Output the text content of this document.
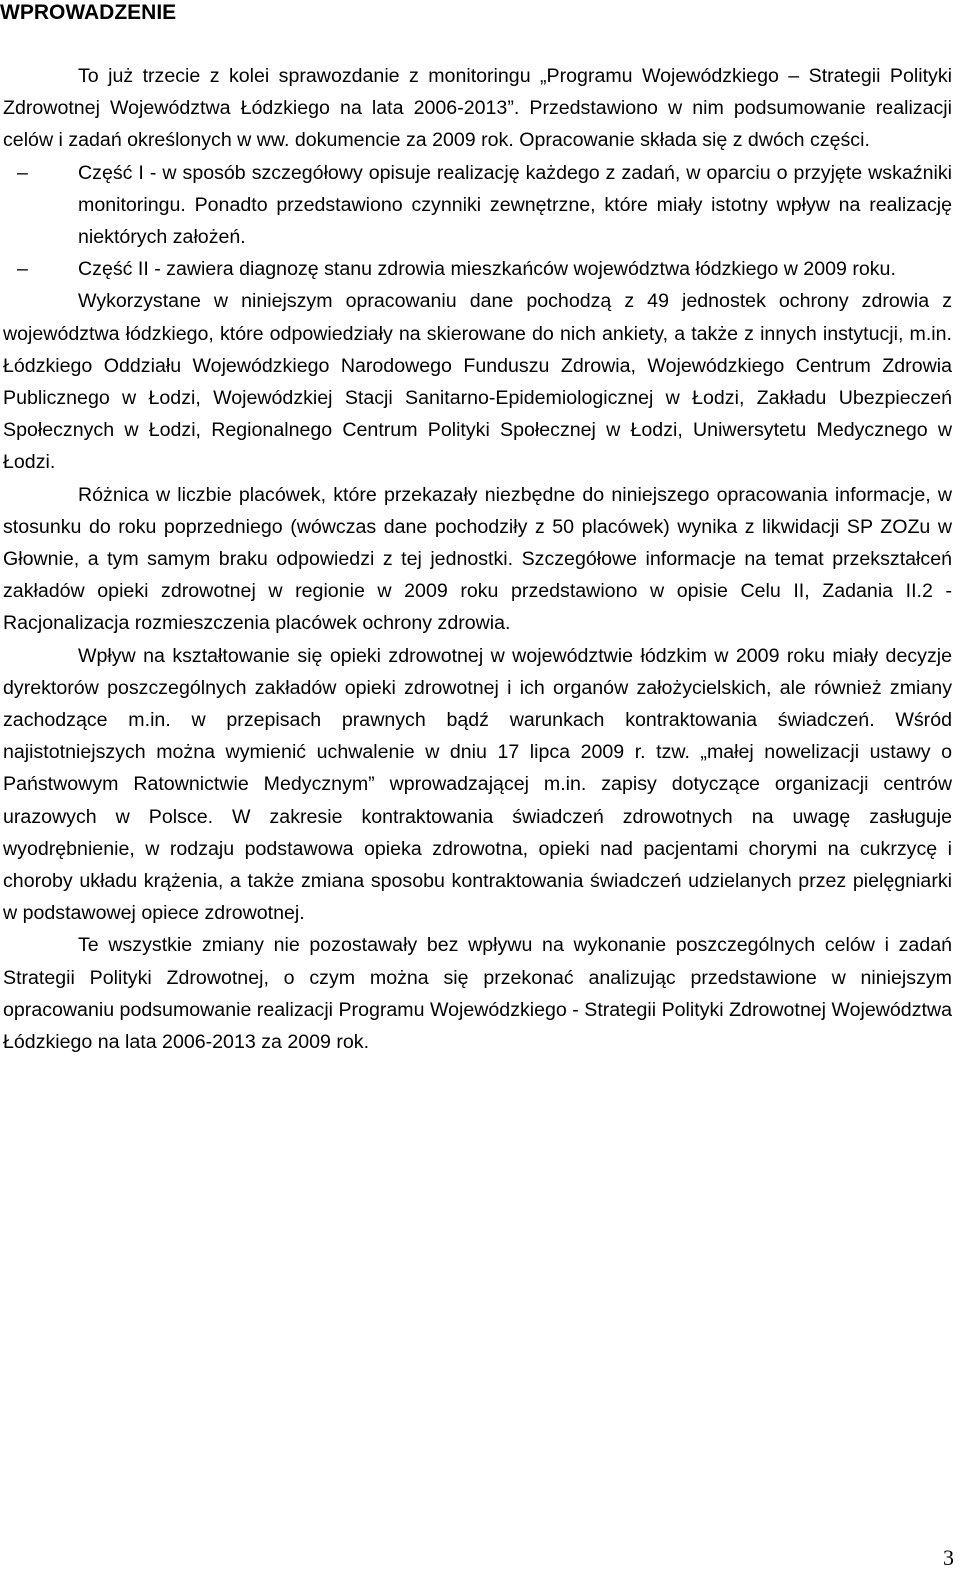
WPROWADZENIE

To już trzecie z kolei sprawozdanie z monitoringu „Programu Wojewódzkiego – Strategii Polityki Zdrowotnej Województwa Łódzkiego na lata 2006-2013”. Przedstawiono w nim podsumowanie realizacji celów i zadań określonych w ww. dokumencie za 2009 rok. Opracowanie składa się z dwóch części.

–	Część I - w sposób szczegółowy opisuje realizację każdego z zadań, w oparciu o przyjęte wskaźniki monitoringu. Ponadto przedstawiono czynniki zewnętrzne, które miały istotny wpływ na realizację niektórych założeń.
–	Część II - zawiera diagnozę stanu zdrowia mieszkańców województwa łódzkiego w 2009 roku.

Wykorzystane w niniejszym opracowaniu dane pochodzą z 49 jednostek ochrony zdrowia z województwa łódzkiego, które odpowiedziały na skierowane do nich ankiety, a także z innych instytucji, m.in. Łódzkiego Oddziału Wojewódzkiego Narodowego Funduszu Zdrowia, Wojewódzkiego Centrum Zdrowia Publicznego w Łodzi, Wojewódzkiej Stacji Sanitarno-Epidemiologicznej w Łodzi, Zakładu Ubezpieczeń Społecznych w Łodzi, Regionalnego Centrum Polityki Społecznej w Łodzi, Uniwersytetu Medycznego w Łodzi.

Różnica w liczbie placówek, które przekazały niezbędne do niniejszego opracowania informacje, w stosunku do roku poprzedniego (wówczas dane pochodziły z 50 placówek) wynika z likwidacji SP ZOZu w Głownie, a tym samym braku odpowiedzi z tej jednostki. Szczegółowe informacje na temat przekształceń zakładów opieki zdrowotnej w regionie w 2009 roku przedstawiono w opisie Celu II, Zadania II.2 - Racjonalizacja rozmieszczenia placówek ochrony zdrowia.

Wpływ na kształtowanie się opieki zdrowotnej w województwie łódzkim w 2009 roku miały decyzje dyrektorów poszczególnych zakładów opieki zdrowotnej i ich organów założycielskich, ale również zmiany zachodzące m.in. w przepisach prawnych bądź warunkach kontraktowania świadczeń. Wśród najistotniejszych można wymienić uchwalenie w dniu 17 lipca 2009 r. tzw. „małej nowelizacji ustawy o Państwowym Ratownictwie Medycznym” wprowadzającej m.in. zapisy dotyczące organizacji centrów urazowych w Polsce. W zakresie kontraktowania świadczeń zdrowotnych na uwagę zasługuje wyodrębnienie, w rodzaju podstawowa opieka zdrowotna, opieki nad pacjentami chorymi na cukrzycę i choroby układu krążenia, a także zmiana sposobu kontraktowania świadczeń udzielanych przez pielęgniarki w podstawowej opiece zdrowotnej.

Te wszystkie zmiany nie pozostawały bez wpływu na wykonanie poszczególnych celów i zadań Strategii Polityki Zdrowotnej, o czym można się przekonać analizując przedstawione w niniejszym opracowaniu podsumowanie realizacji Programu Wojewódzkiego - Strategii Polityki Zdrowotnej Województwa Łódzkiego na lata 2006-2013 za 2009 rok.

3
